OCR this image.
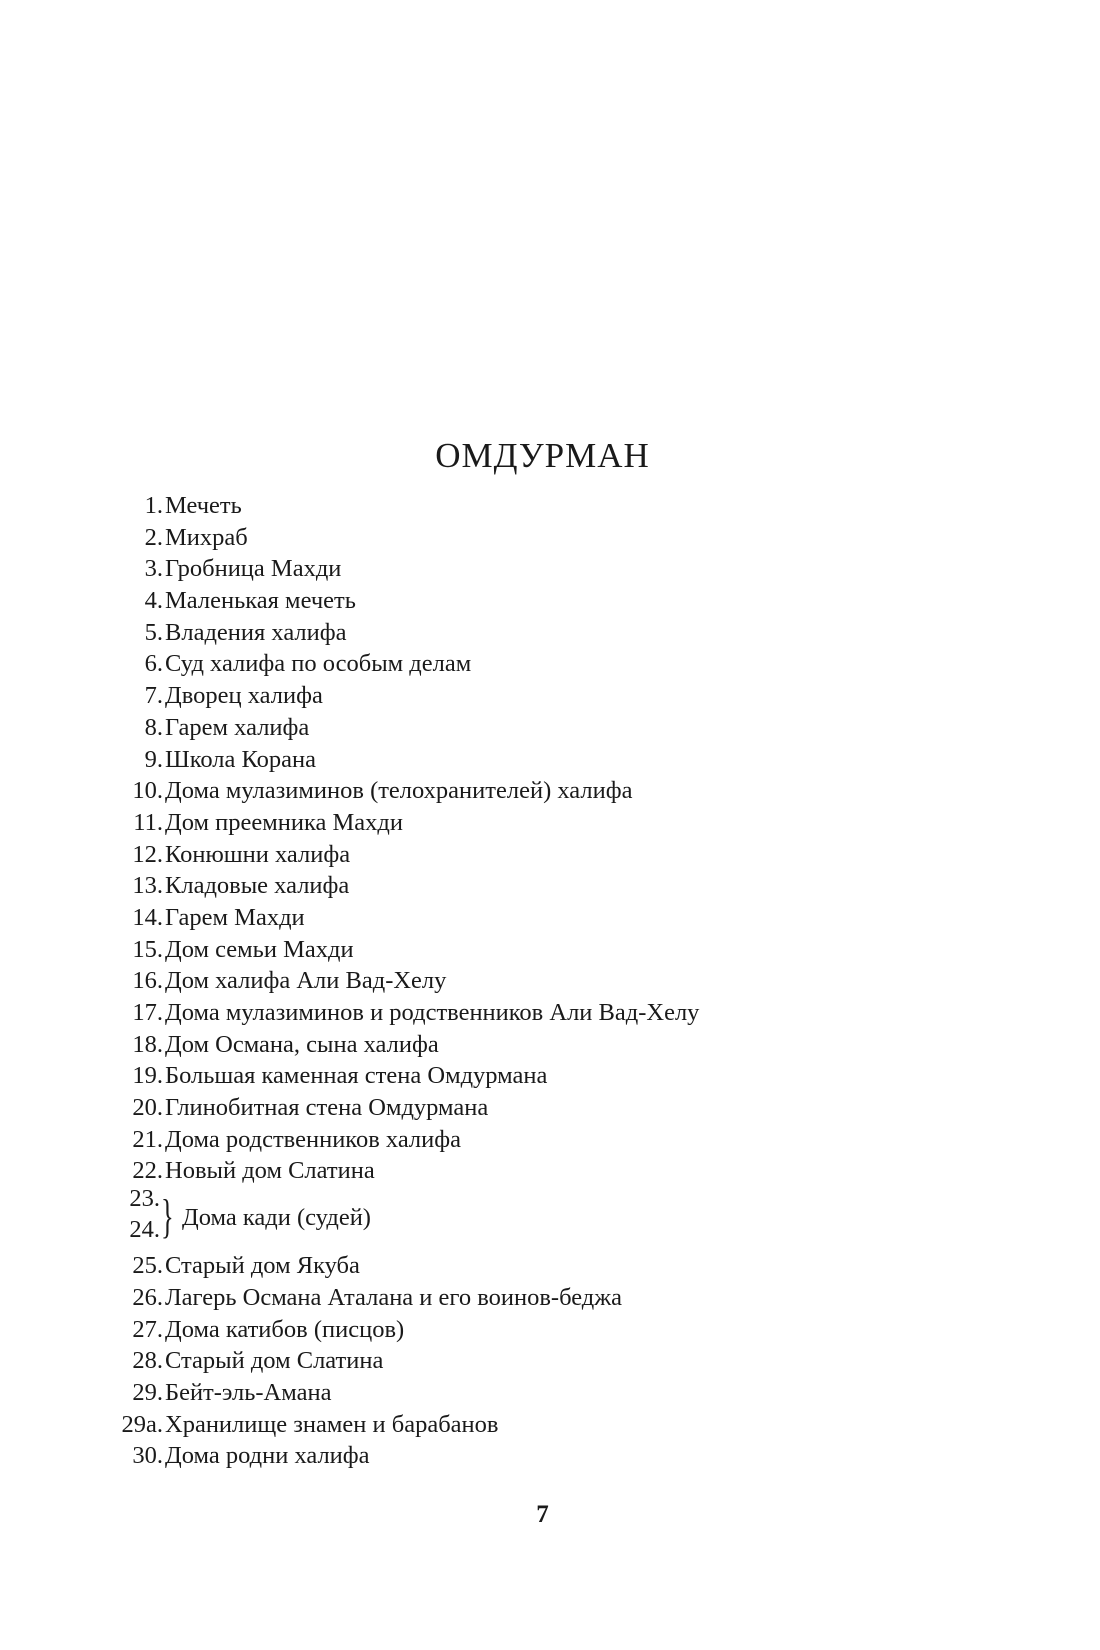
ОМДУРМАН
1. Мечеть
2. Михраб
3. Гробница Махди
4. Маленькая мечеть
5. Владения халифа
6. Суд халифа по особым делам
7. Дворец халифа
8. Гарем халифа
9. Школа Корана
10. Дома мулазиминов (телохранителей) халифа
11. Дом преемника Махди
12. Конюшни халифа
13. Кладовые халифа
14. Гарем Махди
15. Дом семьи Махди
16. Дом халифа Али Вад-Хелу
17. Дома мулазиминов и родственников Али Вад-Хелу
18. Дом Османа, сына халифа
19. Большая каменная стена Омдурмана
20. Глинобитная стена Омдурмана
21. Дома родственников халифа
22. Новый дом Слатина
23.
24. } Дома кади (судей)
25. Старый дом Якуба
26. Лагерь Османа Аталана и его воинов-беджа
27. Дома катибов (писцов)
28. Старый дом Слатина
29. Бейт-эль-Амана
29а. Хранилище знамен и барабанов
30. Дома родни халифа
7
